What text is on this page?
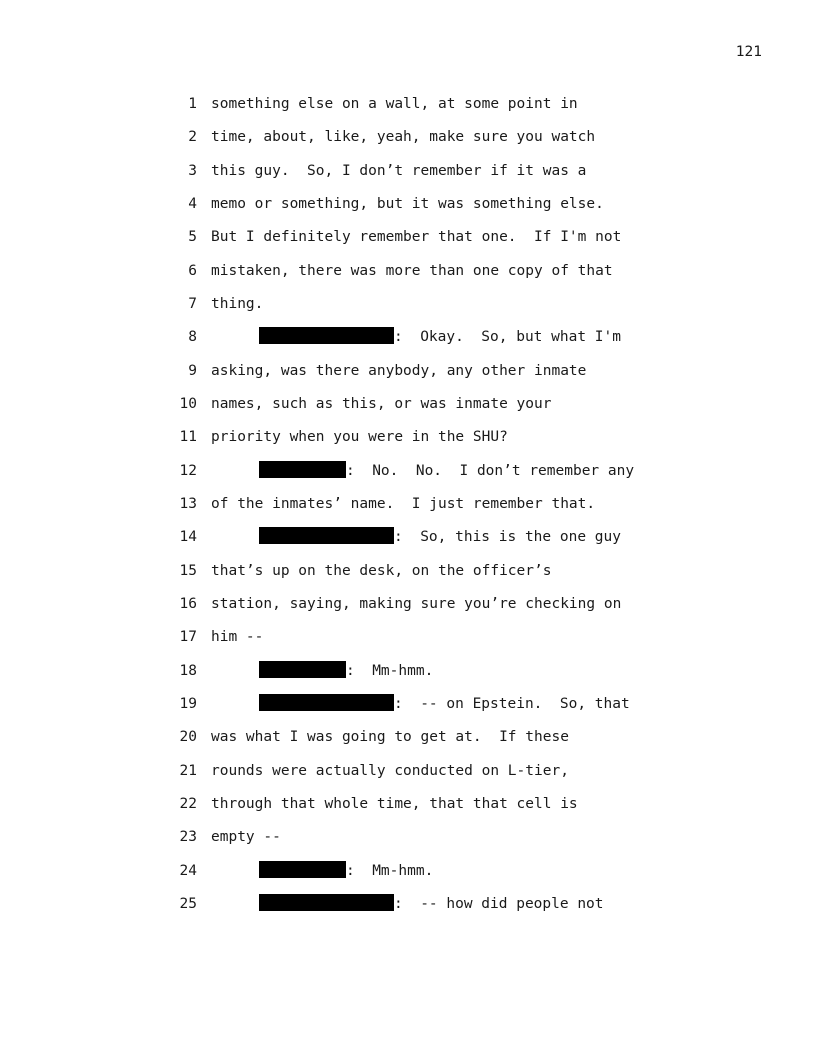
121
1 something else on a wall, at some point in
2 time, about, like, yeah, make sure you watch
3 this guy.  So, I don’t remember if it was a
4 memo or something, but it was something else.
5 But I definitely remember that one.  If I'm not
6 mistaken, there was more than one copy of that
7 thing.
8	:  Okay.  So, but what I'm
9 asking, was there anybody, any other inmate
10 names, such as this, or was inmate your
11 priority when you were in the SHU?
12	:  No.  No.  I don’t remember any
13 of the inmates’ name.  I just remember that.
14	:  So, this is the one guy
15 that’s up on the desk, on the officer’s
16 station, saying, making sure you’re checking on
17 him --
18	:  Mm-hmm.
19	:  -- on Epstein.  So, that
20 was what I was going to get at.  If these
21 rounds were actually conducted on L-tier,
22 through that whole time, that that cell is
23 empty --
24	:  Mm-hmm.
25	:  -- how did people not
